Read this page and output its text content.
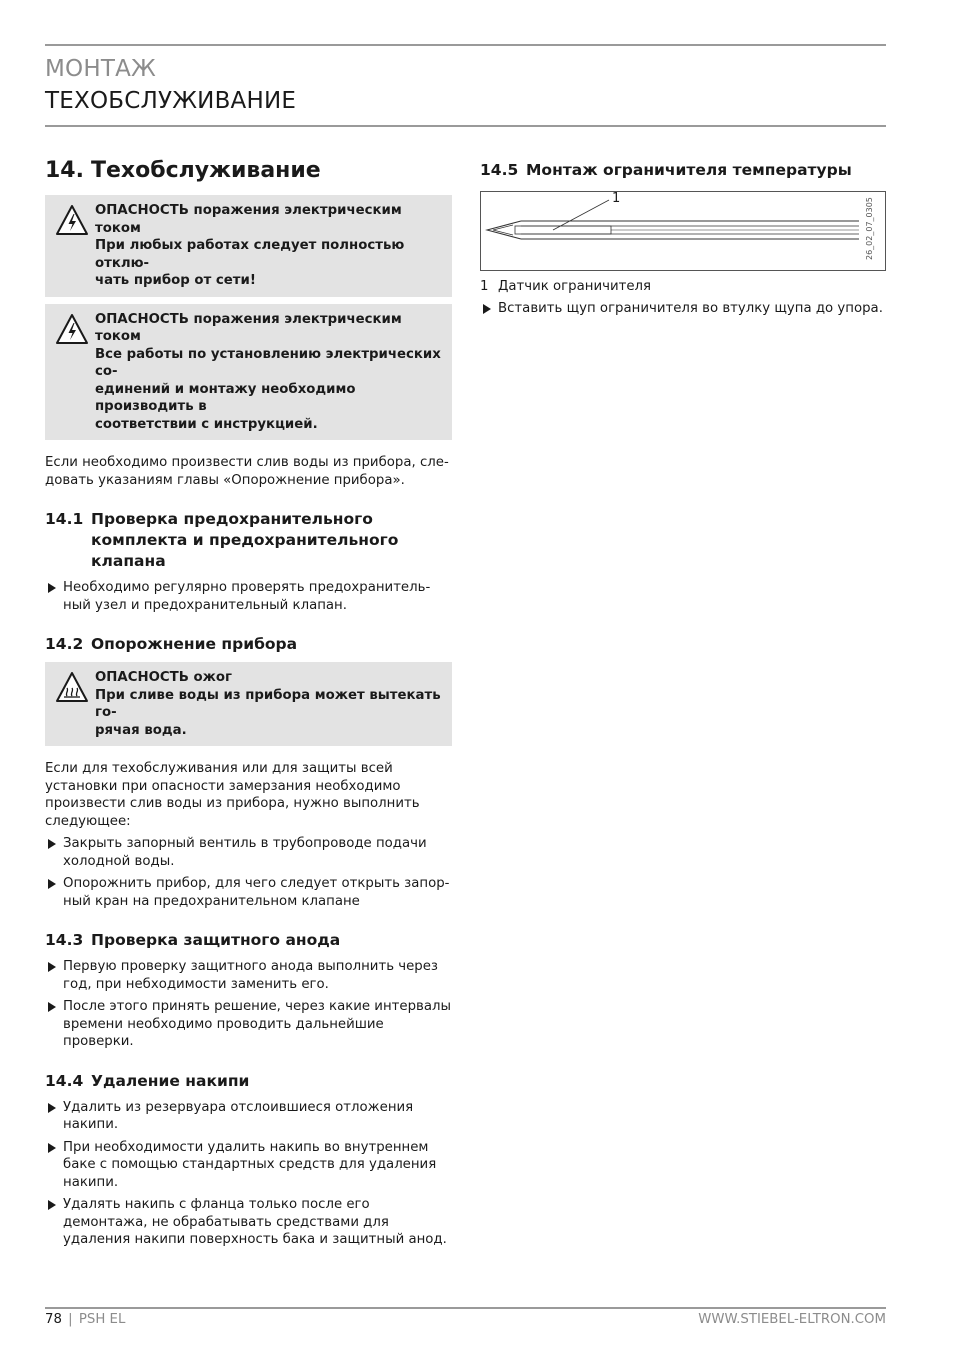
МОНТАЖ
ТЕХОБСЛУЖИВАНИЕ
14. Техобслуживание
ОПАСНОСТЬ поражения электрическим током
При любых работах следует полностью отклю-
чать прибор от сети!
ОПАСНОСТЬ поражения электрическим током
Все работы по установлению электрических со-
единений и монтажу необходимо производить в
соответствии с инструкцией.
Если необходимо произвести слив воды из прибора, следовать указаниям главы «Опорожнение прибора».
14.1 Проверка предохранительного комплекта и предохранительного клапана
Необходимо регулярно проверять предохранительный узел и предохранительный клапан.
14.2 Опорожнение прибора
ОПАСНОСТЬ ожог
При сливе воды из прибора может вытекать го-
рячая вода.
Если для техобслуживания или для защиты всей установки при опасности замерзания необходимо произвести слив воды из прибора, нужно выполнить следующее:
Закрыть запорный вентиль в трубопроводе подачи холодной воды.
Опорожнить прибор, для чего следует открыть запорный кран на предохранительном клапане
14.3 Проверка защитного анода
Первую проверку защитного анода выполнить через год, при небходимости заменить его.
После этого принять решение, через какие интервалы времени необходимо проводить дальнейшие проверки.
14.4 Удаление накипи
Удалить из резервуара отслоившиеся отложения накипи.
При необходимости удалить накипь во внутреннем баке с помощью стандартных средств для удаления накипи.
Удалять накипь с фланца только после его демонтажа, не обрабатывать средствами для удаления накипи поверхность бака и защитный анод.
14.5 Монтаж ограничителя температуры
1	26_02_07_0305
1 Датчик ограничителя
Вставить щуп ограничителя во втулку щупа до упора.
78 | PSH EL	WWW.STIEBEL-ELTRON.COM
